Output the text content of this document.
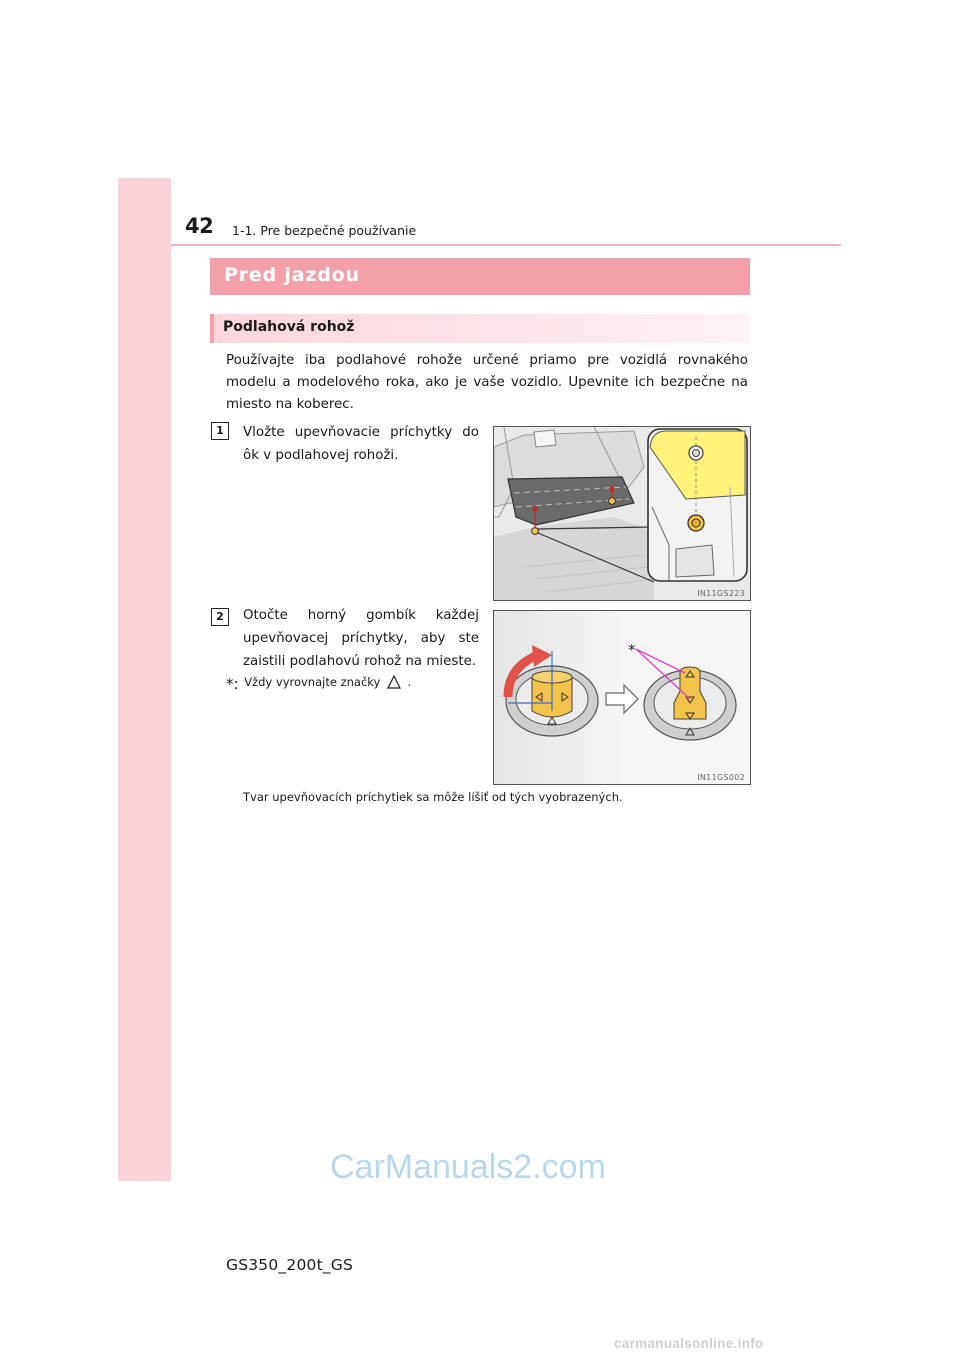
42 1-1. Pre bezpečné používanie
Pred jazdou
Podlahová rohož
Používajte iba podlahové rohože určené priamo pre vozidlá rovnakého modelu a modelového roka, ako je vaše vozidlo. Upevnite ich bezpečne na miesto na koberec.
1	Vložte upevňovacie príchytky do ôk v podlahovej rohoži.
IN11GS223
2	Otočte horný gombík každej upevňovacej príchytky, aby ste zaistili podlahovú rohož na mieste.
*: Vždy vyrovnajte značky .
*
IN11GS002
Tvar upevňovacích príchytiek sa môže líšiť od tých vyobrazených.
CarManuals2.com
GS350_200t_GS
carmanualsonline.info
